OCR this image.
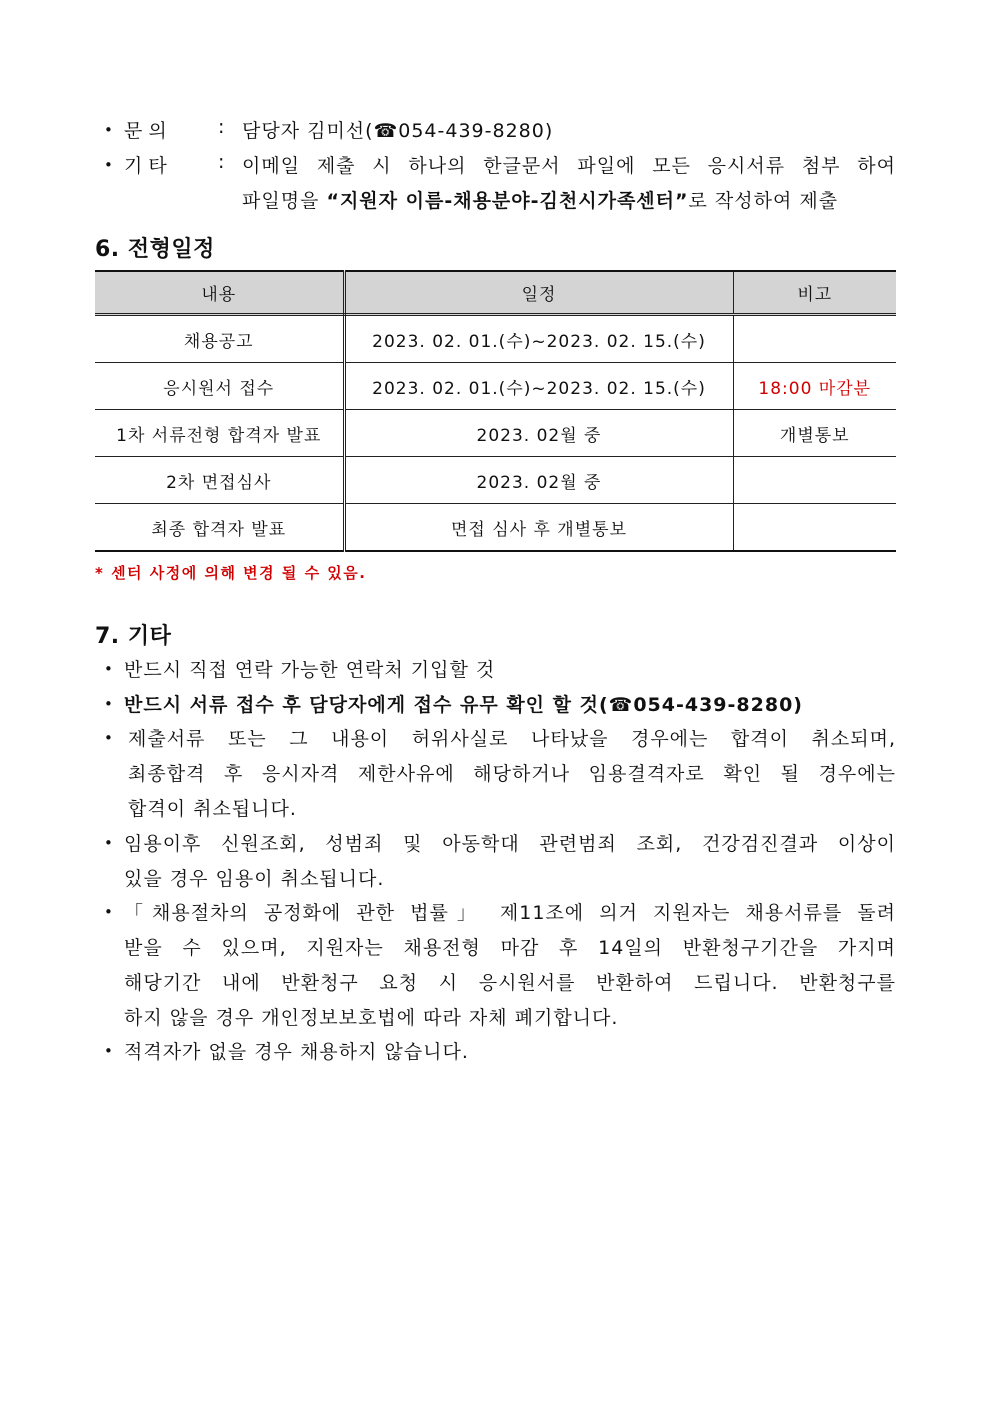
• 문 의	: 담당자 김미선(☎054-439-8280)
• 기 타	: 이메일 제출 시 하나의 한글문서 파일에 모든 응시서류 첨부 하여
파일명을 “지원자 이름-채용분야-김천시가족센터”로 작성하여 제출
6. 전형일정
내용	일정	비고
채용공고	2023. 02. 01.(수)~2023. 02. 15.(수)	
응시원서 접수	2023. 02. 01.(수)~2023. 02. 15.(수)	18:00 마감분
1차 서류전형 합격자 발표	2023. 02월 중	개별통보
2차 면접심사	2023. 02월 중	
최종 합격자 발표	면접 심사 후 개별통보	
* 센터 사정에 의해 변경 될 수 있음.
7. 기타
• 반드시 직접 연락 가능한 연락처 기입할 것
• 반드시 서류 접수 후 담당자에게 접수 유무 확인 할 것(☎054-439-8280)
• 제출서류 또는 그 내용이 허위사실로 나타났을 경우에는 합격이 취소되며,
최종합격 후 응시자격 제한사유에 해당하거나 임용결격자로 확인 될 경우에는
합격이 취소됩니다.
• 임용이후 신원조회, 성범죄 및 아동학대 관련범죄 조회, 건강검진결과 이상이
있을 경우 임용이 취소됩니다.
• 「채용절차의 공정화에 관한 법률」 제11조에 의거 지원자는 채용서류를 돌려
받을 수 있으며, 지원자는 채용전형 마감 후 14일의 반환청구기간을 가지며
해당기간 내에 반환청구 요청 시 응시원서를 반환하여 드립니다. 반환청구를
하지 않을 경우 개인정보보호법에 따라 자체 폐기합니다.
• 적격자가 없을 경우 채용하지 않습니다.
